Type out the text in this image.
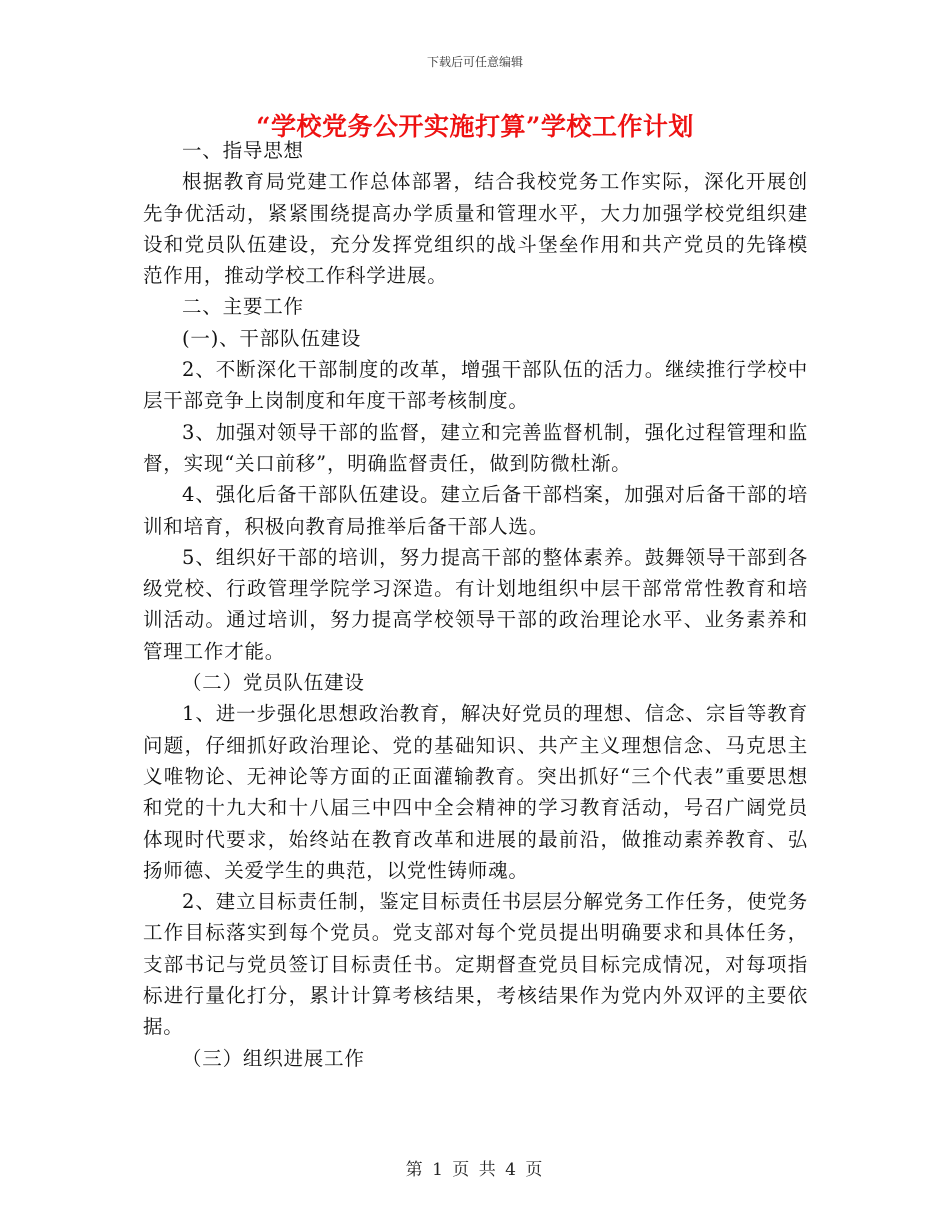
下载后可任意编辑
“学校党务公开实施打算”学校工作计划

一、指导思想

根据教育局党建工作总体部署，结合我校党务工作实际，深化开展创先争优活动，紧紧围绕提高办学质量和管理水平，大力加强学校党组织建设和党员队伍建设，充分发挥党组织的战斗堡垒作用和共产党员的先锋模范作用，推动学校工作科学进展。

二、主要工作

(一)、干部队伍建设

2、不断深化干部制度的改革，增强干部队伍的活力。继续推行学校中层干部竞争上岗制度和年度干部考核制度。

3、加强对领导干部的监督，建立和完善监督机制，强化过程管理和监督，实现“关口前移”，明确监督责任，做到防微杜渐。

4、强化后备干部队伍建设。建立后备干部档案，加强对后备干部的培训和培育，积极向教育局推举后备干部人选。

5、组织好干部的培训，努力提高干部的整体素养。鼓舞领导干部到各级党校、行政管理学院学习深造。有计划地组织中层干部常常性教育和培训活动。通过培训，努力提高学校领导干部的政治理论水平、业务素养和管理工作才能。

（二）党员队伍建设

1、进一步强化思想政治教育，解决好党员的理想、信念、宗旨等教育问题，仔细抓好政治理论、党的基础知识、共产主义理想信念、马克思主义唯物论、无神论等方面的正面灌输教育。突出抓好“三个代表”重要思想和党的十九大和十八届三中四中全会精神的学习教育活动，号召广阔党员体现时代要求，始终站在教育改革和进展的最前沿，做推动素养教育、弘扬师德、关爱学生的典范，以党性铸师魂。

2、建立目标责任制，鉴定目标责任书层层分解党务工作任务，使党务工作目标落实到每个党员。党支部对每个党员提出明确要求和具体任务，支部书记与党员签订目标责任书。定期督查党员目标完成情况，对每项指标进行量化打分，累计计算考核结果，考核结果作为党内外双评的主要依据。

（三）组织进展工作

第 1 页 共 4 页
